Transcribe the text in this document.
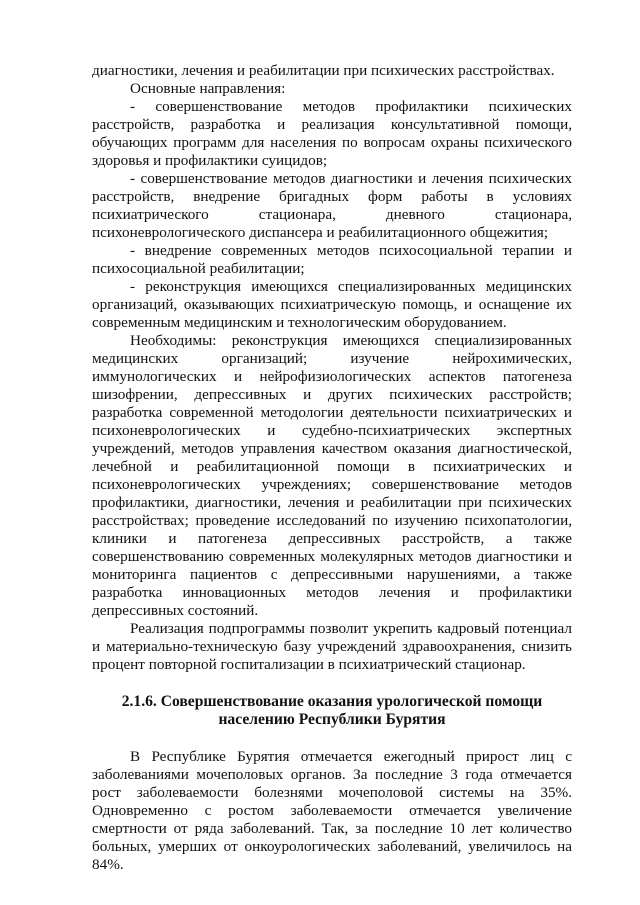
диагностики, лечения и реабилитации при психических расстройствах.
Основные направления:
- совершенствование методов профилактики психических
расстройств, разработка и реализация консультативной помощи,
обучающих программ для населения по вопросам охраны психического
здоровья и профилактики суицидов;
- совершенствование методов диагностики и лечения психических
расстройств, внедрение бригадных форм работы в условиях
психиатрического стационара, дневного стационара,
психоневрологического диспансера и реабилитационного общежития;
- внедрение современных методов психосоциальной терапии и
психосоциальной реабилитации;
- реконструкция имеющихся специализированных медицинских
организаций, оказывающих психиатрическую помощь, и оснащение их
современным медицинским и технологическим оборудованием.
Необходимы: реконструкция имеющихся специализированных
медицинских организаций; изучение нейрохимических,
иммунологических и нейрофизиологических аспектов патогенеза
шизофрении, депрессивных и других психических расстройств;
разработка современной методологии деятельности психиатрических и
психоневрологических и судебно-психиатрических экспертных
учреждений, методов управления качеством оказания диагностической,
лечебной и реабилитационной помощи в психиатрических и
психоневрологических учреждениях; совершенствование методов
профилактики, диагностики, лечения и реабилитации при психических
расстройствах; проведение исследований по изучению психопатологии,
клиники и патогенеза депрессивных расстройств, а также
совершенствованию современных молекулярных методов диагностики и
мониторинга пациентов с депрессивными нарушениями, а также
разработка инновационных методов лечения и профилактики
депрессивных состояний.
Реализация подпрограммы позволит укрепить кадровый потенциал
и материально-техническую базу учреждений здравоохранения, снизить
процент повторной госпитализации в психиатрический стационар.
2.1.6. Совершенствование оказания урологической помощи
населению Республики Бурятия
В Республике Бурятия отмечается ежегодный прирост лиц с
заболеваниями мочеполовых органов. За последние 3 года отмечается
рост заболеваемости болезнями мочеполовой системы на 35%.
Одновременно с ростом заболеваемости отмечается увеличение
смертности от ряда заболеваний. Так, за последние 10 лет количество
больных, умерших от онкоурологических заболеваний, увеличилось на
84%.
